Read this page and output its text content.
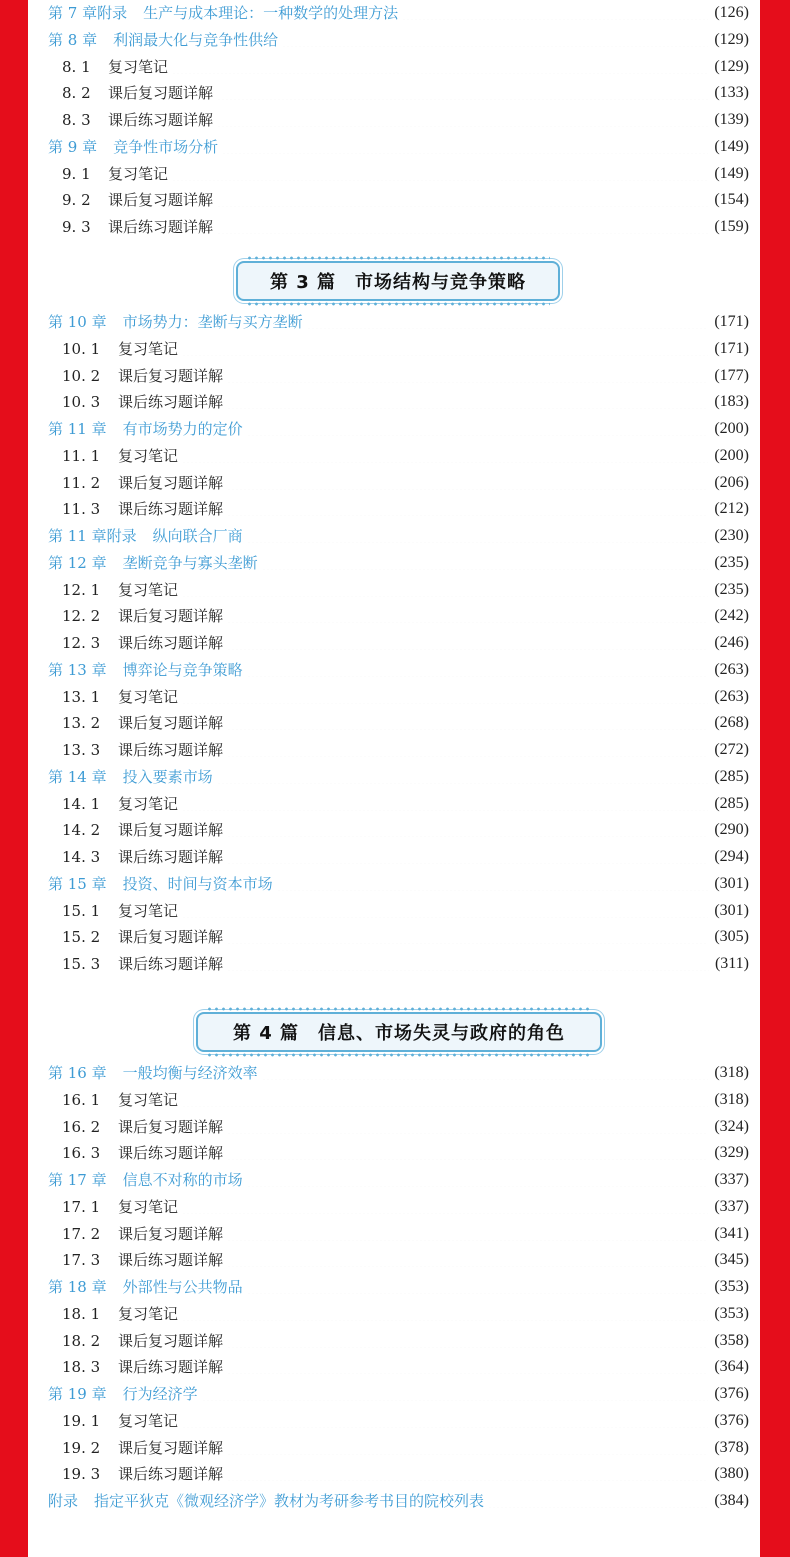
第 7 章附录 生产与成本理论：一种数学的处理方法	(126)
第 8 章 利润最大化与竞争性供给	(129)
8. 1	复习笔记	(129)
8. 2	课后复习题详解	(133)
8. 3	课后练习题详解	(139)
第 9 章 竞争性市场分析	(149)
9. 1	复习笔记	(149)
9. 2	课后复习题详解	(154)
9. 3	课后练习题详解	(159)
第 3 篇　市场结构与竞争策略
第 10 章 市场势力：垄断与买方垄断	(171)
10. 1	复习笔记	(171)
10. 2	课后复习题详解	(177)
10. 3	课后练习题详解	(183)
第 11 章 有市场势力的定价	(200)
11. 1	复习笔记	(200)
11. 2	课后复习题详解	(206)
11. 3	课后练习题详解	(212)
第 11 章附录 纵向联合厂商	(230)
第 12 章 垄断竞争与寡头垄断	(235)
12. 1	复习笔记	(235)
12. 2	课后复习题详解	(242)
12. 3	课后练习题详解	(246)
第 13 章 博弈论与竞争策略	(263)
13. 1	复习笔记	(263)
13. 2	课后复习题详解	(268)
13. 3	课后练习题详解	(272)
第 14 章 投入要素市场	(285)
14. 1	复习笔记	(285)
14. 2	课后复习题详解	(290)
14. 3	课后练习题详解	(294)
第 15 章 投资、时间与资本市场	(301)
15. 1	复习笔记	(301)
15. 2	课后复习题详解	(305)
15. 3	课后练习题详解	(311)
第 4 篇　信息、市场失灵与政府的角色
第 16 章 一般均衡与经济效率	(318)
16. 1	复习笔记	(318)
16. 2	课后复习题详解	(324)
16. 3	课后练习题详解	(329)
第 17 章 信息不对称的市场	(337)
17. 1	复习笔记	(337)
17. 2	课后复习题详解	(341)
17. 3	课后练习题详解	(345)
第 18 章 外部性与公共物品	(353)
18. 1	复习笔记	(353)
18. 2	课后复习题详解	(358)
18. 3	课后练习题详解	(364)
第 19 章 行为经济学	(376)
19. 1	复习笔记	(376)
19. 2	课后复习题详解	(378)
19. 3	课后练习题详解	(380)
附录 指定平狄克《微观经济学》教材为考研参考书目的院校列表	(384)
